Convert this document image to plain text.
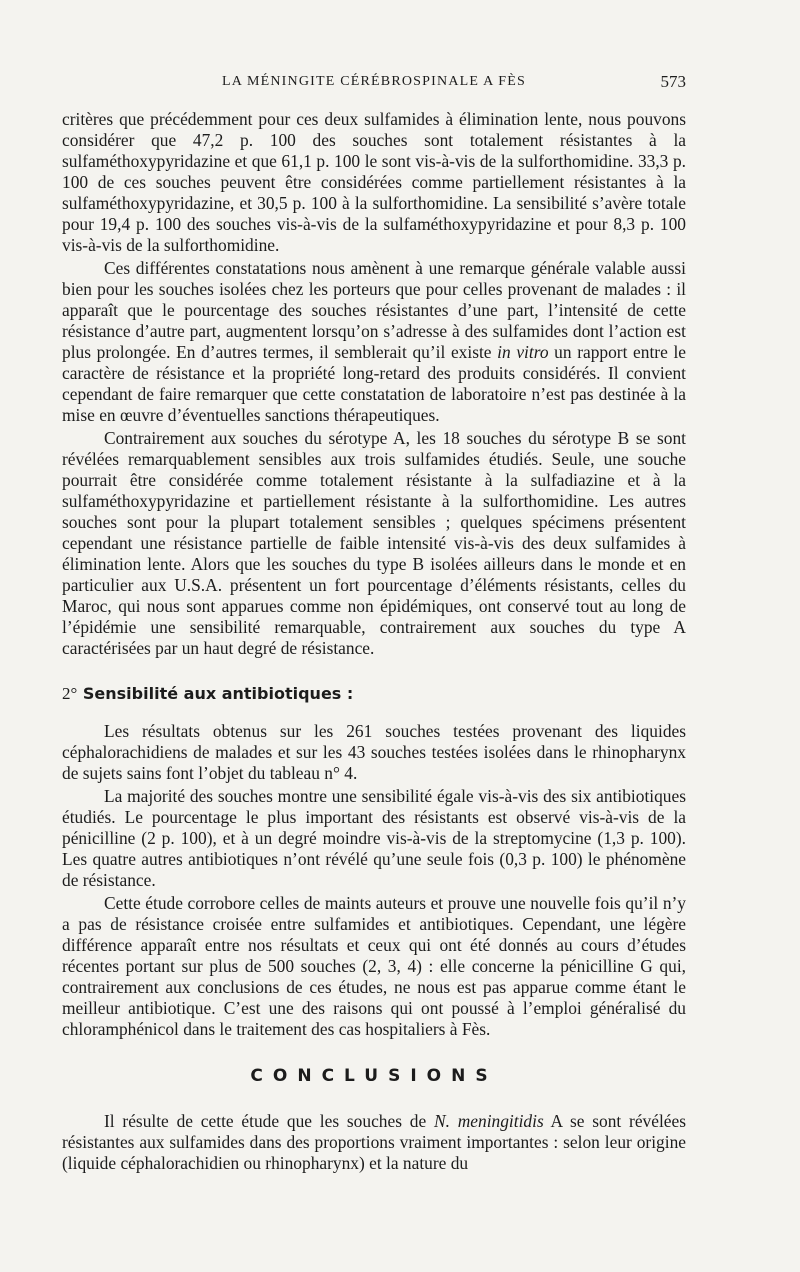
LA MÉNINGITE CÉRÉBROSPINALE A FÈS	573

critères que précédemment pour ces deux sulfamides à élimination lente, nous pouvons considérer que 47,2 p. 100 des souches sont totalement résistantes à la sulfaméthoxypyridazine et que 61,1 p. 100 le sont vis-à-vis de la sulforthomidine. 33,3 p. 100 de ces souches peuvent être considérées comme partiellement résistantes à la sulfaméthoxypyridazine, et 30,5 p. 100 à la sulforthomidine. La sensibilité s’avère totale pour 19,4 p. 100 des souches vis-à-vis de la sulfaméthoxypyridazine et pour 8,3 p. 100 vis-à-vis de la sulforthomidine.

Ces différentes constatations nous amènent à une remarque générale valable aussi bien pour les souches isolées chez les porteurs que pour celles provenant de malades : il apparaît que le pourcentage des souches résistantes d’une part, l’intensité de cette résistance d’autre part, augmentent lorsqu’on s’adresse à des sulfamides dont l’action est plus prolongée. En d’autres termes, il semblerait qu’il existe in vitro un rapport entre le caractère de résistance et la propriété long-retard des produits considérés. Il convient cependant de faire remarquer que cette constatation de laboratoire n’est pas destinée à la mise en œuvre d’éventuelles sanctions thérapeutiques.

Contrairement aux souches du sérotype A, les 18 souches du sérotype B se sont révélées remarquablement sensibles aux trois sulfamides étudiés. Seule, une souche pourrait être considérée comme totalement résistante à la sulfadiazine et à la sulfaméthoxypyridazine et partiellement résistante à la sulforthomidine. Les autres souches sont pour la plupart totalement sensibles ; quelques spécimens présentent cependant une résistance partielle de faible intensité vis-à-vis des deux sulfamides à élimination lente. Alors que les souches du type B isolées ailleurs dans le monde et en particulier aux U.S.A. présentent un fort pourcentage d’éléments résistants, celles du Maroc, qui nous sont apparues comme non épidémiques, ont conservé tout au long de l’épidémie une sensibilité remarquable, contrairement aux souches du type A caractérisées par un haut degré de résistance.

2° Sensibilité aux antibiotiques :

Les résultats obtenus sur les 261 souches testées provenant des liquides céphalorachidiens de malades et sur les 43 souches testées isolées dans le rhinopharynx de sujets sains font l’objet du tableau n° 4.

La majorité des souches montre une sensibilité égale vis-à-vis des six antibiotiques étudiés. Le pourcentage le plus important des résistants est observé vis-à-vis de la pénicilline (2 p. 100), et à un degré moindre vis-à-vis de la streptomycine (1,3 p. 100). Les quatre autres antibiotiques n’ont révélé qu’une seule fois (0,3 p. 100) le phénomène de résistance.

Cette étude corrobore celles de maints auteurs et prouve une nouvelle fois qu’il n’y a pas de résistance croisée entre sulfamides et antibiotiques. Cependant, une légère différence apparaît entre nos résultats et ceux qui ont été donnés au cours d’études récentes portant sur plus de 500 souches (2, 3, 4) : elle concerne la pénicilline G qui, contrairement aux conclusions de ces études, ne nous est pas apparue comme étant le meilleur antibiotique. C’est une des raisons qui ont poussé à l’emploi généralisé du chloramphénicol dans le traitement des cas hospitaliers à Fès.

CONCLUSIONS

Il résulte de cette étude que les souches de N. meningitidis A se sont révélées résistantes aux sulfamides dans des proportions vraiment importantes : selon leur origine (liquide céphalorachidien ou rhinopharynx) et la nature du
